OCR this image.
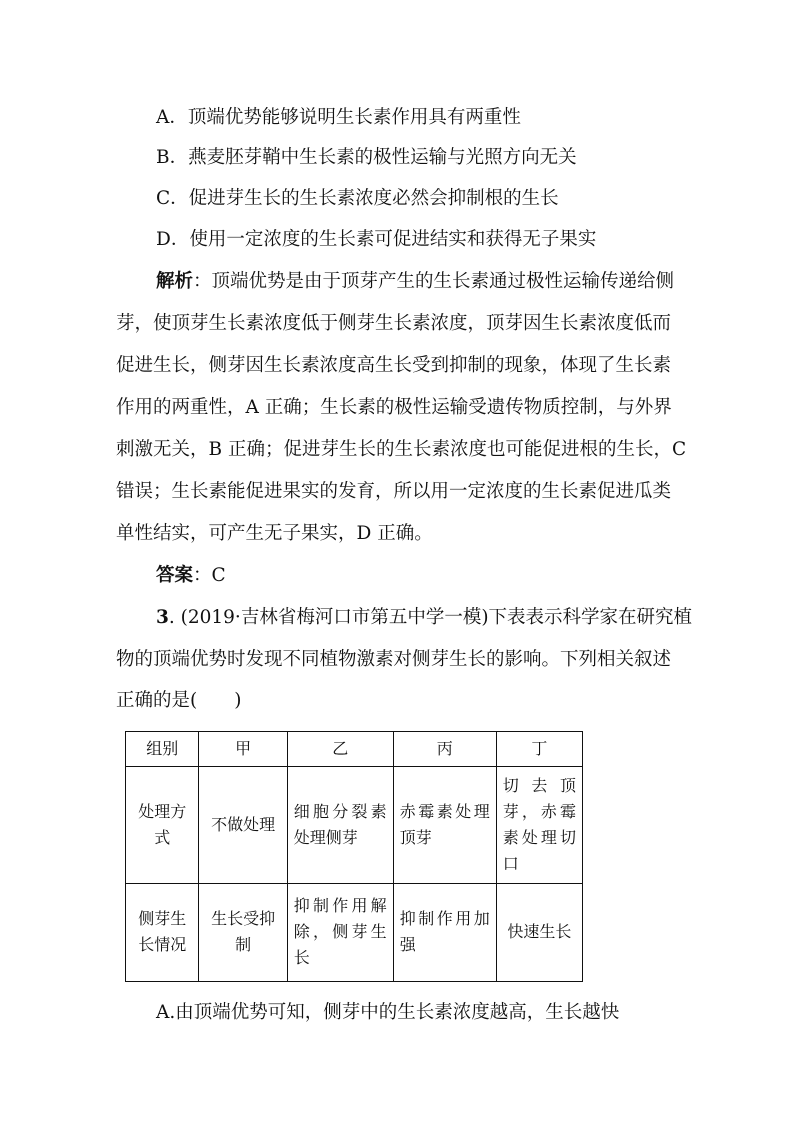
A．顶端优势能够说明生长素作用具有两重性
B．燕麦胚芽鞘中生长素的极性运输与光照方向无关
C．促进芽生长的生长素浓度必然会抑制根的生长
D．使用一定浓度的生长素可促进结实和获得无子果实
解析：顶端优势是由于顶芽产生的生长素通过极性运输传递给侧
芽，使顶芽生长素浓度低于侧芽生长素浓度，顶芽因生长素浓度低而
促进生长，侧芽因生长素浓度高生长受到抑制的现象，体现了生长素
作用的两重性，A 正确；生长素的极性运输受遗传物质控制，与外界
刺激无关，B 正确；促进芽生长的生长素浓度也可能促进根的生长，C
错误；生长素能促进果实的发育，所以用一定浓度的生长素促进瓜类
单性结实，可产生无子果实，D 正确。
答案：C
3. (2019·吉林省梅河口市第五中学一模)下表表示科学家在研究植
物的顶端优势时发现不同植物激素对侧芽生长的影响。下列相关叙述
正确的是(　　)
组别	甲	乙	丙	丁
处理方式	不做处理	细胞分裂素处理侧芽	赤霉素处理顶芽	切去顶芽，赤霉素处理切口
侧芽生长情况	生长受抑制	抑制作用解除，侧芽生长	抑制作用加强	快速生长
A.由顶端优势可知，侧芽中的生长素浓度越高，生长越快
